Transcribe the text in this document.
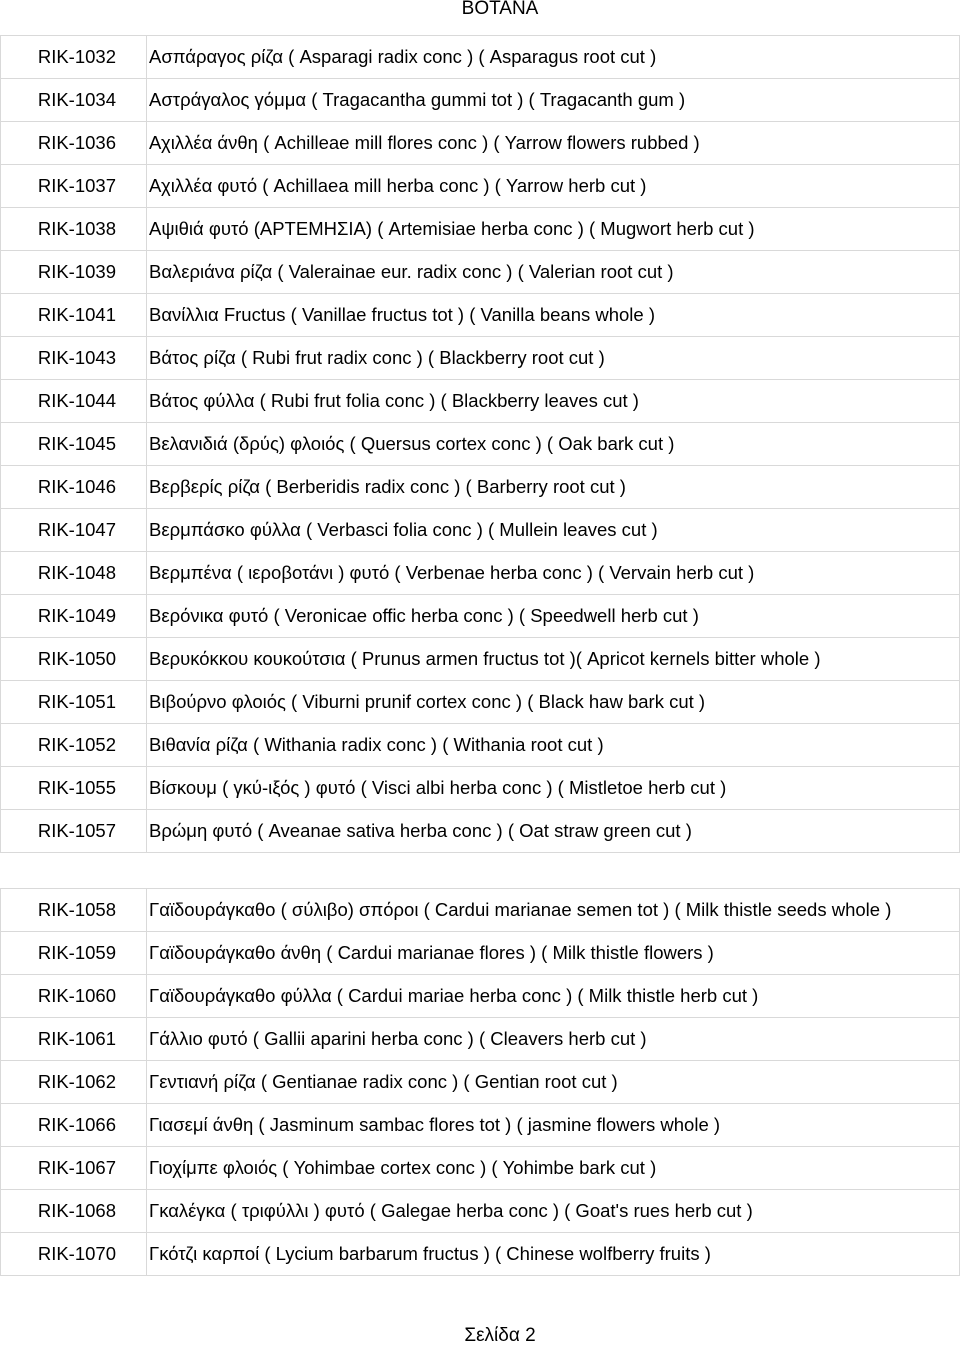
ΒΟΤΑΝΑ
RIK-1032	Ασπάραγος ρίζα ( Asparagi radix conc ) ( Asparagus root cut )
RIK-1034	Αστράγαλος γόμμα ( Tragacantha gummi tot ) ( Tragacanth gum )
RIK-1036	Αχιλλέα άνθη ( Achilleae mill flores conc ) ( Yarrow flowers rubbed )
RIK-1037	Αχιλλέα φυτό ( Achillaea mill herba conc ) ( Yarrow herb cut )
RIK-1038	Αψιθιά φυτό (ΑΡΤΕΜΗΣΙΑ) ( Artemisiae herba conc ) ( Mugwort herb cut )
RIK-1039	Βαλεριάνα ρίζα ( Valerainae eur. radix conc ) ( Valerian root cut )
RIK-1041	Βανίλλια Fructus ( Vanillae fructus tot ) ( Vanilla beans whole )
RIK-1043	Βάτος ρίζα ( Rubi frut radix conc ) ( Blackberry root cut )
RIK-1044	Βάτος φύλλα ( Rubi frut folia conc ) ( Blackberry leaves cut )
RIK-1045	Βελανιδιά (δρύς) φλοιός ( Quersus cortex conc ) ( Oak bark cut )
RIK-1046	Βερβερίς ρίζα ( Berberidis radix conc ) ( Barberry root cut )
RIK-1047	Βερμπάσκο φύλλα ( Verbasci folia conc ) ( Mullein leaves cut )
RIK-1048	Βερμπένα ( ιεροβοτάνι ) φυτό ( Verbenae herba conc ) ( Vervain herb cut )
RIK-1049	Βερόνικα φυτό ( Veronicae offic herba conc ) ( Speedwell herb cut )
RIK-1050	Βερυκόκκου κουκούτσια ( Prunus armen fructus tot )( Apricot kernels bitter whole )
RIK-1051	Βιβούρνο φλοιός ( Viburni prunif cortex conc ) ( Black haw bark cut )
RIK-1052	Βιθανία ρίζα ( Withania radix conc ) ( Withania root cut )
RIK-1055	Βίσκουμ ( γκύ-ιξός ) φυτό ( Visci albi herba conc ) ( Mistletoe herb cut )
RIK-1057	Βρώμη φυτό ( Aveanae sativa herba conc ) ( Oat straw green cut )
RIK-1058	Γαϊδουράγκαθο ( σύλιβο) σπόροι ( Cardui marianae semen tot ) ( Milk thistle seeds whole )
RIK-1059	Γαϊδουράγκαθο άνθη ( Cardui marianae flores ) ( Milk thistle flowers )
RIK-1060	Γαϊδουράγκαθο φύλλα ( Cardui mariae herba conc ) ( Milk thistle herb cut )
RIK-1061	Γάλλιο φυτό ( Gallii aparini herba conc ) ( Cleavers herb cut )
RIK-1062	Γεντιανή ρίζα ( Gentianae radix conc ) ( Gentian root cut )
RIK-1066	Γιασεμί άνθη ( Jasminum sambac flores tot ) ( jasmine flowers whole )
RIK-1067	Γιοχίμπε φλοιός ( Yohimbae cortex conc ) ( Yohimbe bark cut )
RIK-1068	Γκαλέγκα ( τριφύλλι ) φυτό ( Galegae herba conc ) ( Goat's rues herb cut )
RIK-1070	Γκότζι καρποί ( Lycium barbarum fructus ) ( Chinese wolfberry fruits )
Σελίδα 2
